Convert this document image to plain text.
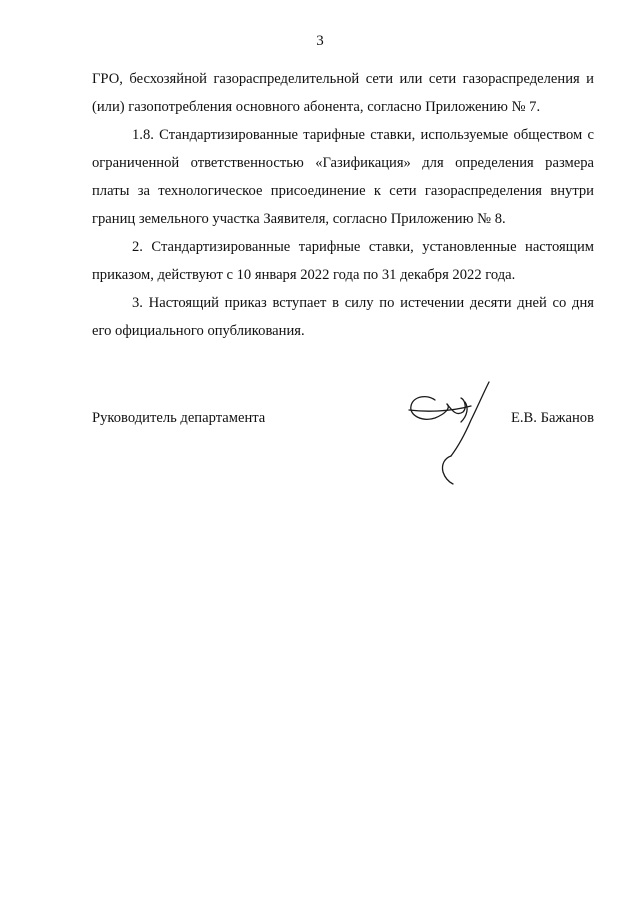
3

ГРО, бесхозяйной газораспределительной сети или сети газораспределения и (или) газопотребления основного абонента, согласно Приложению № 7.

1.8. Стандартизированные тарифные ставки, используемые обществом с ограниченной ответственностью «Газификация» для определения размера платы за технологическое присоединение к сети газораспределения внутри границ земельного участка Заявителя, согласно Приложению № 8.

2. Стандартизированные тарифные ставки, установленные настоящим приказом, действуют с 10 января 2022 года по 31 декабря 2022 года.

3. Настоящий приказ вступает в силу по истечении десяти дней со дня его официального опубликования.

Руководитель департамента	Е.В. Бажанов
